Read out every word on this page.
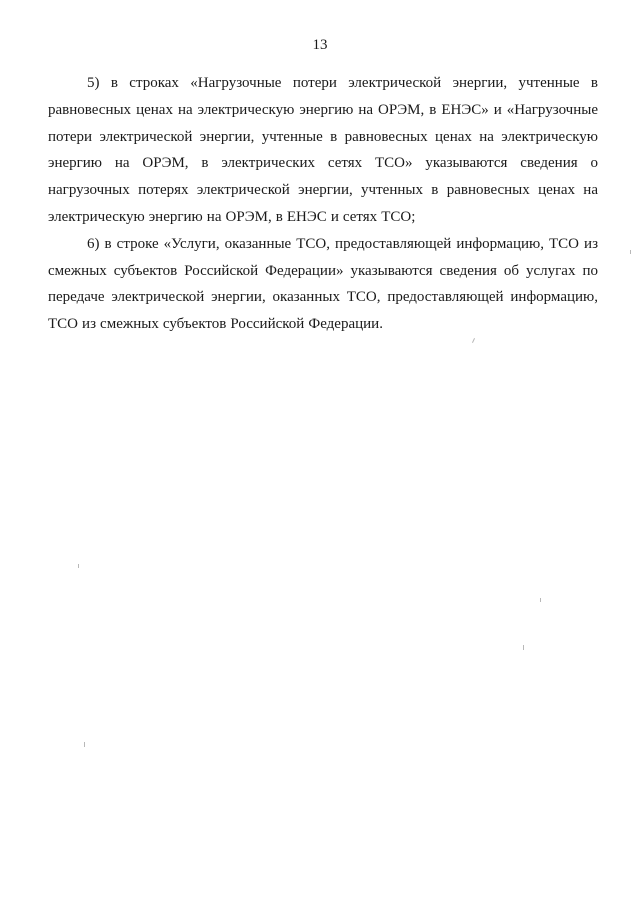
13

5) в строках «Нагрузочные потери электрической энергии, учтенные в равновесных ценах на электрическую энергию на ОРЭМ, в ЕНЭС» и «Нагрузочные потери электрической энергии, учтенные в равновесных ценах на электрическую энергию на ОРЭМ, в электрических сетях ТСО» указываются сведения о нагрузочных потерях электрической энергии, учтенных в равновесных ценах на электрическую энергию на ОРЭМ, в ЕНЭС и сетях ТСО;

6) в строке «Услуги, оказанные ТСО, предоставляющей информацию, ТСО из смежных субъектов Российской Федерации» указываются сведения об услугах по передаче электрической энергии, оказанных ТСО, предоставляющей информацию, ТСО из смежных субъектов Российской Федерации.
